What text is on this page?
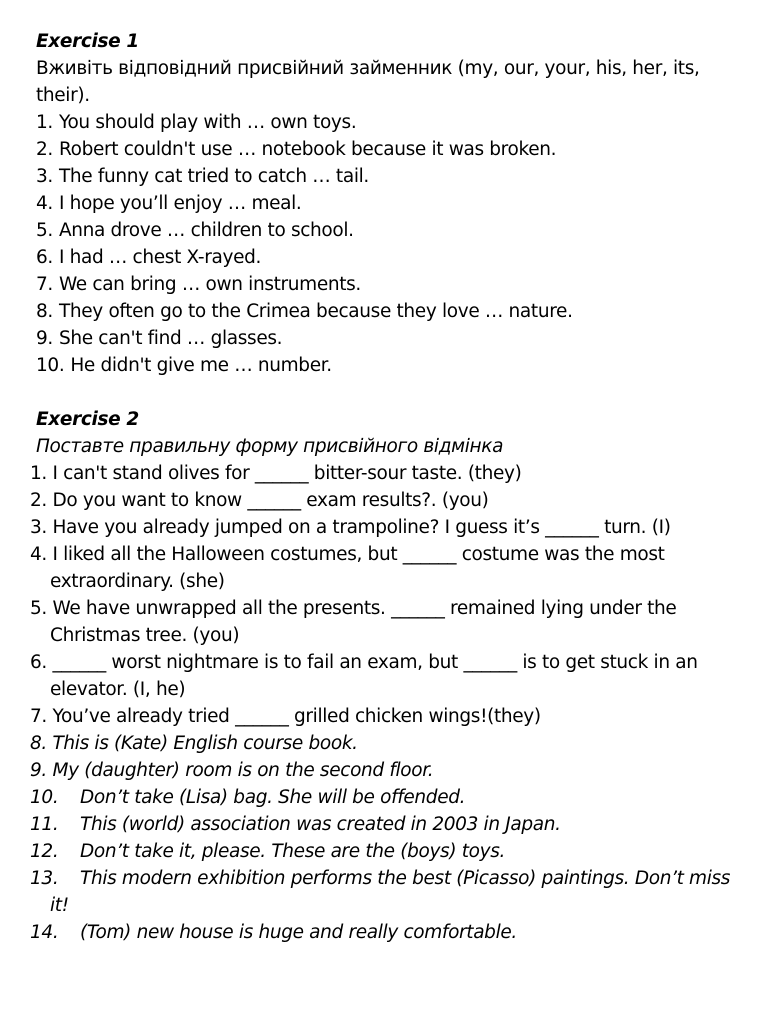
Exercise 1
Вживіть відповідний присвійний займенник (my, our, your, his, her, its, their).
1. You should play with … own toys.
2. Robert couldn't use … notebook because it was broken.
3. The funny cat tried to catch … tail.
4. I hope you’ll enjoy … meal.
5. Anna drove … children to school.
6. I had … chest X-rayed.
7. We can bring … own instruments.
8. They often go to the Crimea because they love … nature.
9. She can't find … glasses.
10. He didn't give me … number.
Exercise 2
Поставте правильну форму присвійного відмінка
1. I can't stand olives for ______ bitter-sour taste. (they)
2. Do you want to know ______ exam results?. (you)
3. Have you already jumped on a trampoline? I guess it’s ______ turn. (I)
4. I liked all the Halloween costumes, but ______ costume was the most extraordinary. (she)
5. We have unwrapped all the presents. ______ remained lying under the Christmas tree. (you)
6. ______ worst nightmare is to fail an exam, but ______ is to get stuck in an elevator. (I, he)
7. You’ve already tried ______ grilled chicken wings!(they)
8. This is (Kate) English course book.
9. My (daughter) room is on the second floor.
10. Don’t take (Lisa) bag. She will be offended.
11. This (world) association was created in 2003 in Japan.
12. Don’t take it, please. These are the (boys) toys.
13. This modern exhibition performs the best (Picasso) paintings. Don’t miss it!
14. (Tom) new house is huge and really comfortable.
